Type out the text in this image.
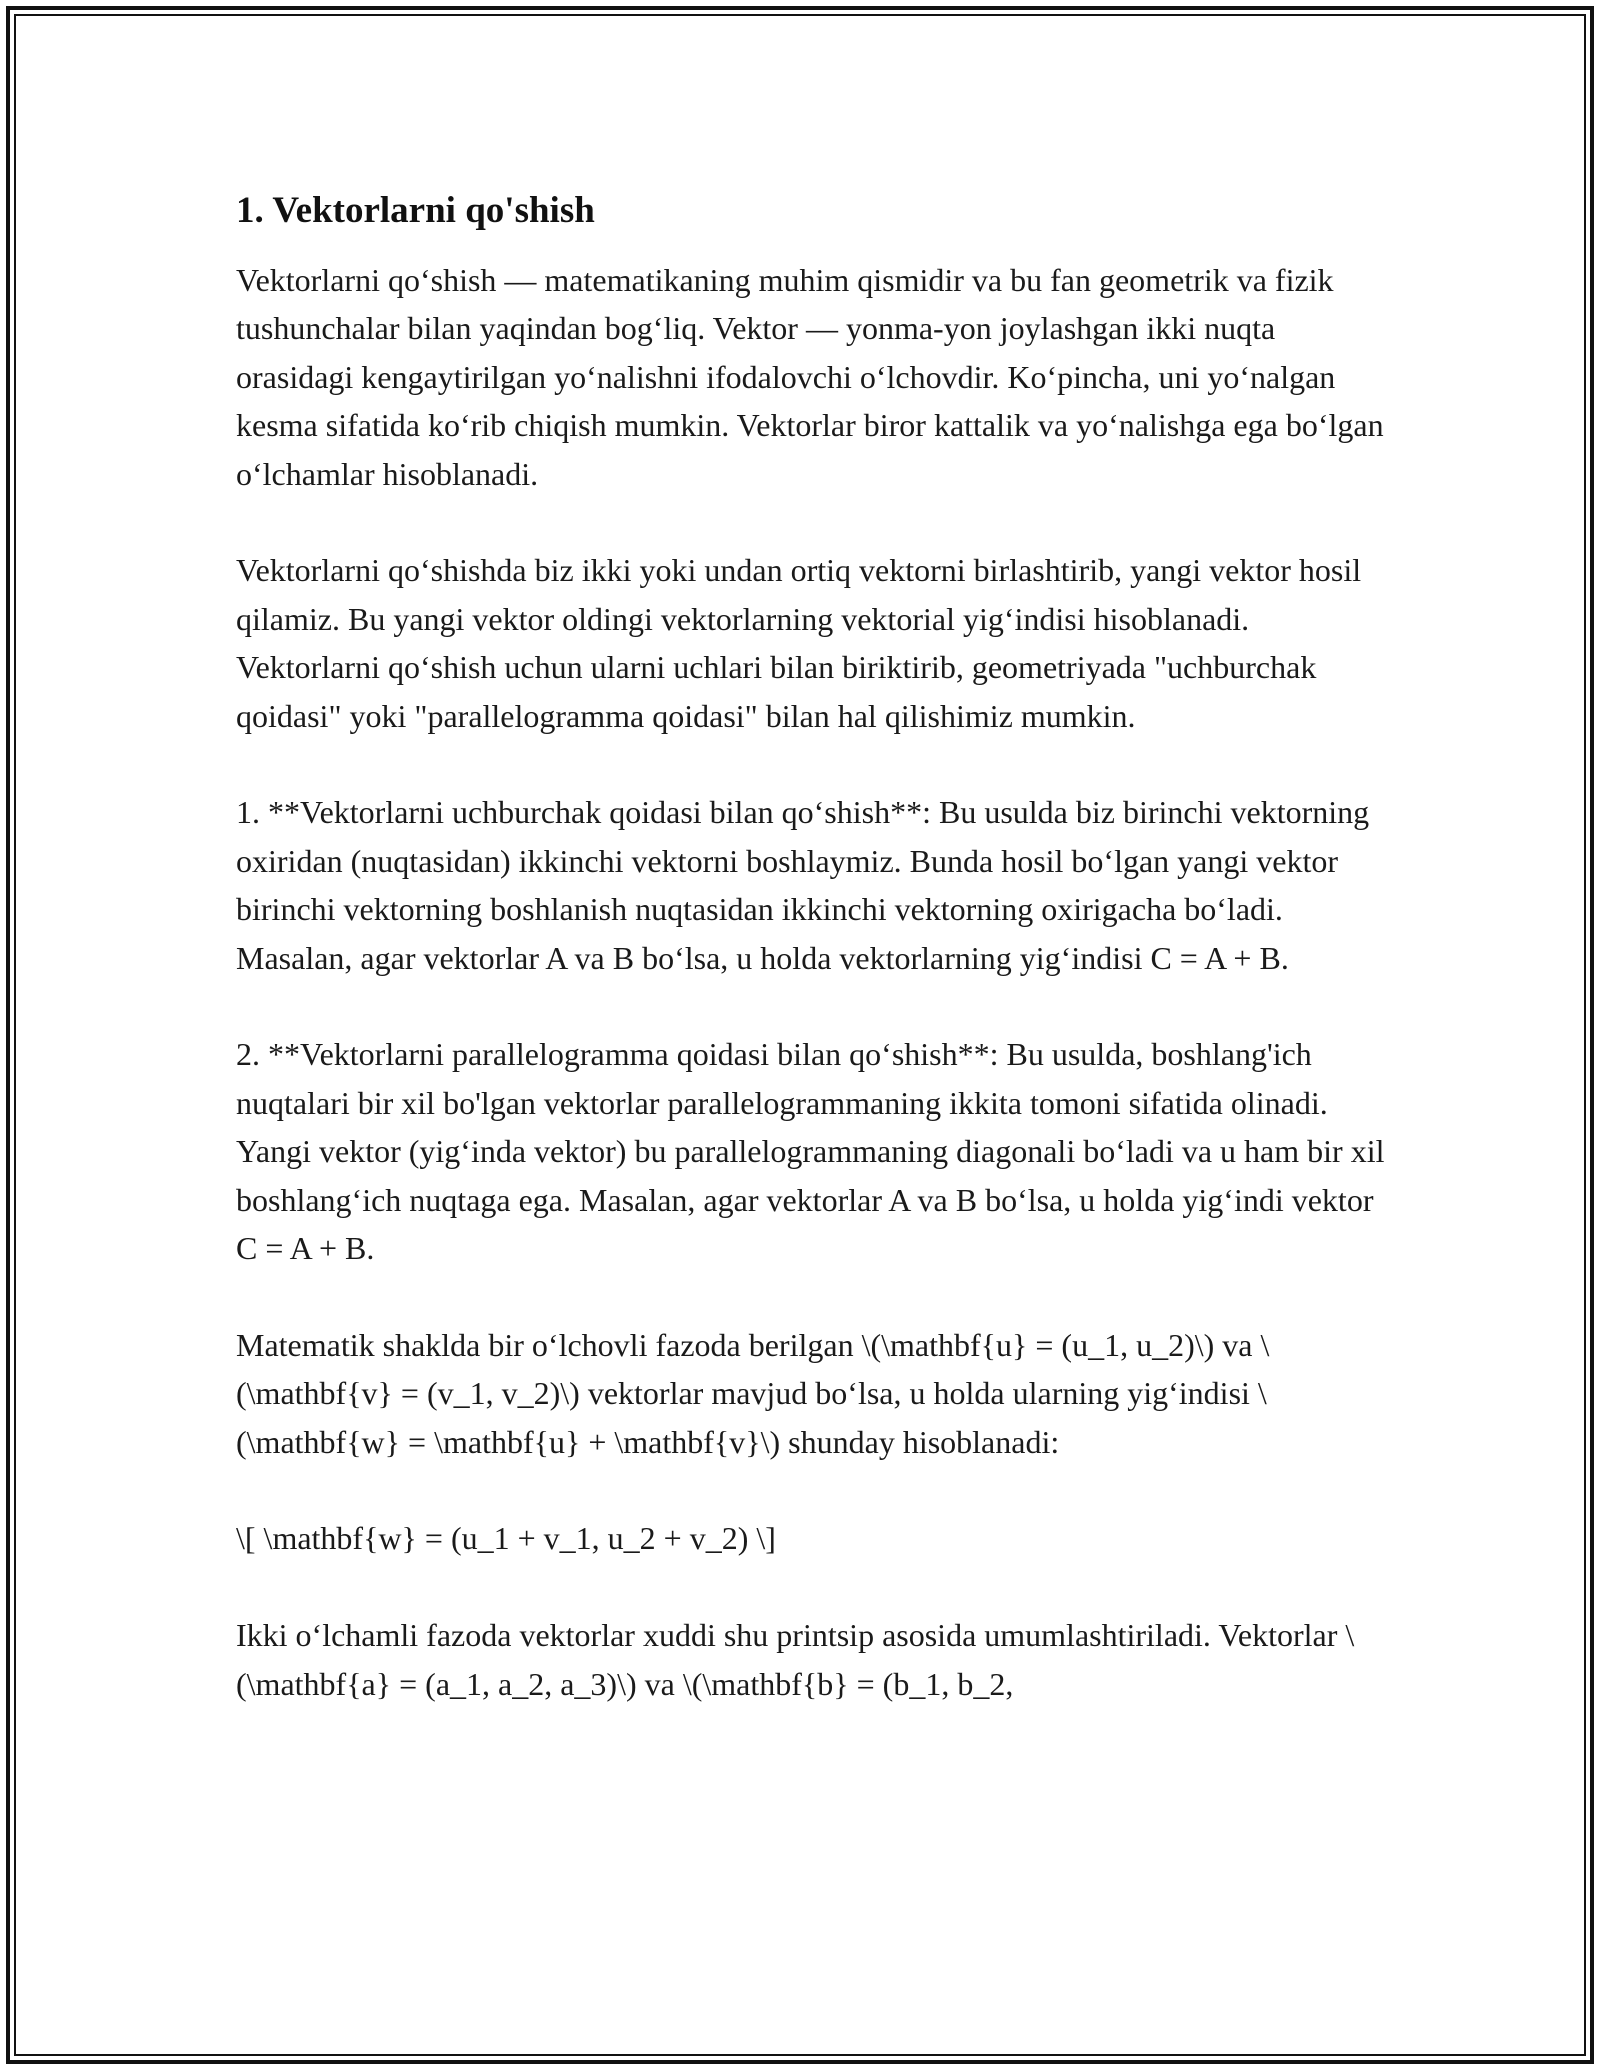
1. Vektorlarni qo'shish

Vektorlarni qo‘shish — matematikaning muhim qismidir va bu fan geometrik va fizik tushunchalar bilan yaqindan bog‘liq. Vektor — yonma-yon joylashgan ikki nuqta orasidagi kengaytirilgan yo‘nalishni ifodalovchi o‘lchovdir. Ko‘pincha, uni yo‘nalgan kesma sifatida ko‘rib chiqish mumkin. Vektorlar biror kattalik va yo‘nalishga ega bo‘lgan o‘lchamlar hisoblanadi.

Vektorlarni qo‘shishda biz ikki yoki undan ortiq vektorni birlashtirib, yangi vektor hosil qilamiz. Bu yangi vektor oldingi vektorlarning vektorial yig‘indisi hisoblanadi. Vektorlarni qo‘shish uchun ularni uchlari bilan biriktirib, geometriyada "uchburchak qoidasi" yoki "parallelogramma qoidasi" bilan hal qilishimiz mumkin.

1. **Vektorlarni uchburchak qoidasi bilan qo‘shish**: Bu usulda biz birinchi vektorning oxiridan (nuqtasidan) ikkinchi vektorni boshlaymiz. Bunda hosil bo‘lgan yangi vektor birinchi vektorning boshlanish nuqtasidan ikkinchi vektorning oxirigacha bo‘ladi. Masalan, agar vektorlar A va B bo‘lsa, u holda vektorlarning yig‘indisi C = A + B.

2. **Vektorlarni parallelogramma qoidasi bilan qo‘shish**: Bu usulda, boshlang'ich nuqtalari bir xil bo'lgan vektorlar parallelogrammaning ikkita tomoni sifatida olinadi. Yangi vektor (yig‘inda vektor) bu parallelogrammaning diagonali bo‘ladi va u ham bir xil boshlang‘ich nuqtaga ega. Masalan, agar vektorlar A va B bo‘lsa, u holda yig‘indi vektor C = A + B.

Matematik shaklda bir o‘lchovli fazoda berilgan \(\mathbf{u} = (u_1, u_2)\) va \(\mathbf{v} = (v_1, v_2)\) vektorlar mavjud bo‘lsa, u holda ularning yig‘indisi \(\mathbf{w} = \mathbf{u} + \mathbf{v}\) shunday hisoblanadi:

\[ \mathbf{w} = (u_1 + v_1, u_2 + v_2) \]

Ikki o‘lchamli fazoda vektorlar xuddi shu printsip asosida umumlashtiriladi. Vektorlar \(\mathbf{a} = (a_1, a_2, a_3)\) va \(\mathbf{b} = (b_1, b_2,
